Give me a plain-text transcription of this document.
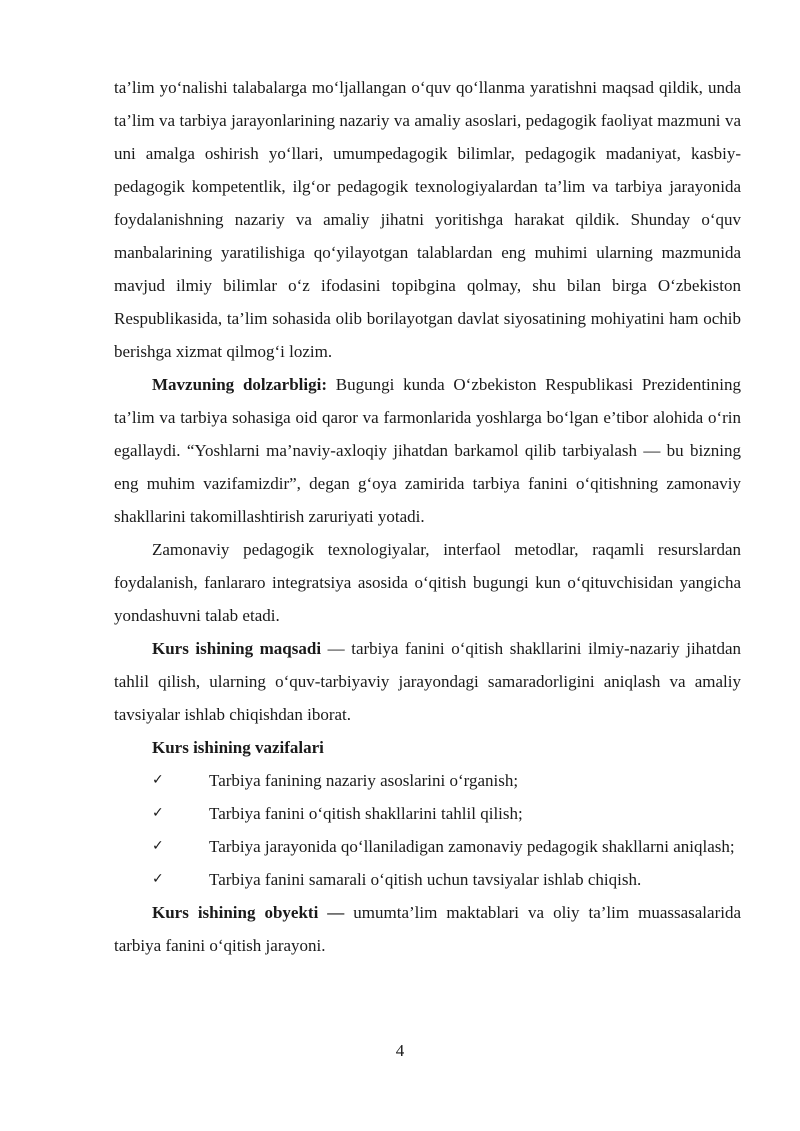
ta’lim yo‘nalishi talabalarga mo‘ljallangan o‘quv qo‘llanma yaratishni maqsad qildik, unda ta’lim va tarbiya jarayonlarining nazariy va amaliy asoslari, pedagogik faoliyat mazmuni va uni amalga oshirish yo‘llari, umumpedagogik bilimlar, pedagogik madaniyat, kasbiy-pedagogik kompetentlik, ilg‘or pedagogik texnologiyalardan ta’lim va tarbiya jarayonida foydalanishning nazariy va amaliy jihatni yoritishga harakat qildik. Shunday o‘quv manbalarining yaratilishiga qo‘yilayotgan talablardan eng muhimi ularning mazmunida mavjud ilmiy bilimlar o‘z ifodasini topibgina qolmay, shu bilan birga O‘zbekiston Respublikasida, ta’lim sohasida olib borilayotgan davlat siyosatining mohiyatini ham ochib berishga xizmat qilmog‘i lozim.

Mavzuning dolzarbligi: Bugungi kunda O‘zbekiston Respublikasi Prezidentining ta’lim va tarbiya sohasiga oid qaror va farmonlarida yoshlarga bo‘lgan e’tibor alohida o‘rin egallaydi. “Yoshlarni ma’naviy-axloqiy jihatdan barkamol qilib tarbiyalash — bu bizning eng muhim vazifamizdir”, degan g‘oya zamirida tarbiya fanini o‘qitishning zamonaviy shakllarini takomillashtirish zaruriyati yotadi.

Zamonaviy pedagogik texnologiyalar, interfaol metodlar, raqamli resurslardan foydalanish, fanlararo integratsiya asosida o‘qitish bugungi kun o‘qituvchisidan yangicha yondashuvni talab etadi.

Kurs ishining maqsadi — tarbiya fanini o‘qitish shakllarini ilmiy-nazariy jihatdan tahlil qilish, ularning o‘quv-tarbiyaviy jarayondagi samaradorligini aniqlash va amaliy tavsiyalar ishlab chiqishdan iborat.

Kurs ishining vazifalari

✓	Tarbiya fanining nazariy asoslarini o‘rganish;

✓	Tarbiya fanini o‘qitish shakllarini tahlil qilish;

✓	Tarbiya jarayonida qo‘llaniladigan zamonaviy pedagogik shakllarni aniqlash;

✓	Tarbiya fanini samarali o‘qitish uchun tavsiyalar ishlab chiqish.

Kurs ishining obyekti — umumta’lim maktablari va oliy ta’lim muassasalarida tarbiya fanini o‘qitish jarayoni.

4
